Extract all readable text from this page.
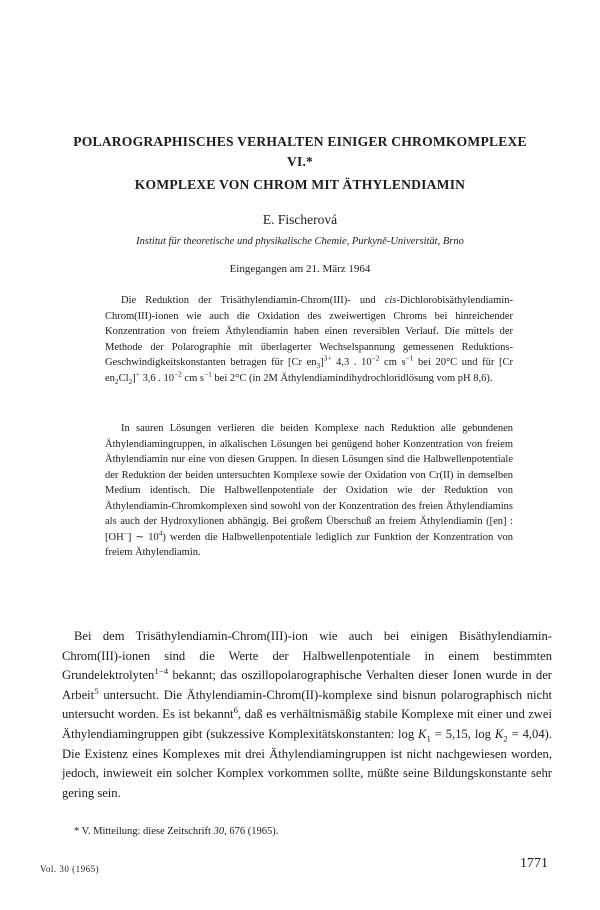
POLAROGRAPHISCHES VERHALTEN EINIGER CHROMKOMPLEXE
VI.*
KOMPLEXE VON CHROM MIT ÄTHYLENDIAMIN
E. Fischerová
Institut für theoretische und physikalische Chemie, Purkyně-Universität, Brno
Eingegangen am 21. März 1964

Die Reduktion der Trisäthylendiamin-Chrom(III)- und cis-Dichlorobisäthylendiamin-Chrom(III)-ionen wie auch die Oxidation des zweiwertigen Chroms bei hinreichender Konzentration von freiem Äthylendiamin haben einen reversiblen Verlauf. Die mittels der Methode der Polarographie mit überlagerter Wechselspannung gemessenen Reduktions-Geschwindigkeitskonstanten betragen für [Cr $en_3]^{3+}$ 4,3 . $10^{-2}$ cm $s^{-1}$ bei 20°C und für [Cr $en_2Cl_2]^+$ 3,6 . $10^{-2}$ cm $s^{-1}$ bei 2°C (in 2M Äthylendiamindihydrochloridlösung vom pH 8,6).

In sauren Lösungen verlieren die beiden Komplexe nach Reduktion alle gebundenen Äthylendiamingruppen, in alkalischen Lösungen bei genügend hoher Konzentration von freiem Äthylendiamin nur eine von diesen Gruppen. In diesen Lösungen sind die Halbwellenpotentiale der Reduktion der beiden untersuchten Komplexe sowie der Oxidation von Cr(II) in demselben Medium identisch. Die Halbwellenpotentiale der Oxidation wie der Reduktion von Äthylendiamin-Chromkomplexen sind sowohl von der Konzentration des freien Äthylendiamins als auch der Hydroxylionen abhängig. Bei großem Überschuß an freiem Äthylendiamin ([en] : [OH−] ∼ $10^4$) werden die Halbwellenpotentiale lediglich zur Funktion der Konzentration von freiem Äthylendiamin.

Bei dem Trisäthylendiamin-Chrom(III)-ion wie auch bei einigen Bisäthylendiamin-Chrom(III)-ionen sind die Werte der Halbwellenpotentiale in einem bestimmten Grundelektrolyten$^{1-4}$ bekannt; das oszillopolarographische Verhalten dieser Ionen wurde in der Arbeit$^5$ untersucht. Die Äthylendiamin-Chrom(II)-komplexe sind bisnun polarographisch nicht untersucht worden. Es ist bekannt$^6$, daß es verhältnismäßig stabile Komplexe mit einer und zwei Äthylendiamingruppen gibt (sukzessive Komplexitätskonstanten: $\log K_1 = 5,15$, $\log K_2 = 4,04$). Die Existenz eines Komplexes mit drei Äthylendiamingruppen ist nicht nachgewiesen worden, jedoch, inwieweit ein solcher Komplex vorkommen sollte, müßte seine Bildungskonstante sehr gering sein.

* V. Mitteilung: diese Zeitschrift 30, 676 (1965).
Vol. 30 (1965)	1771
